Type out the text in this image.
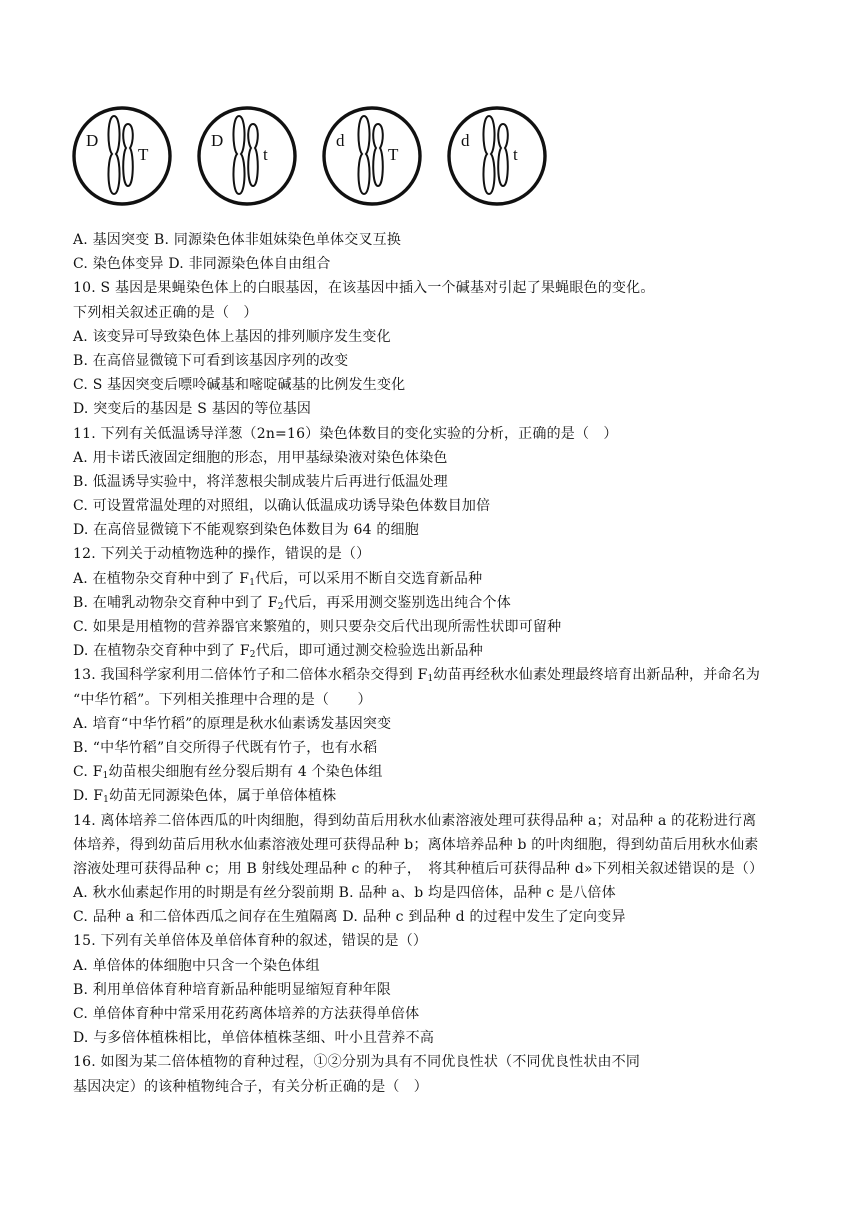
D
T
D
t
d
T
d
t
A. 基因突变 B. 同源染色体非姐妹染色单体交叉互换
C. 染色体变异 D. 非同源染色体自由组合
10. S 基因是果蝇染色体上的白眼基因，在该基因中插入一个碱基对引起了果蝇眼色的变化。
下列相关叙述正确的是（　）
A. 该变异可导致染色体上基因的排列顺序发生变化
B. 在高倍显微镜下可看到该基因序列的改变
C. S 基因突变后嘌呤碱基和嘧啶碱基的比例发生变化
D. 突变后的基因是 S 基因的等位基因
11. 下列有关低温诱导洋葱（2n=16）染色体数目的变化实验的分析，正确的是（　）
A. 用卡诺氏液固定细胞的形态，用甲基绿染液对染色体染色
B. 低温诱导实验中，将洋葱根尖制成装片后再进行低温处理
C. 可设置常温处理的对照组，以确认低温成功诱导染色体数目加倍
D. 在高倍显微镜下不能观察到染色体数目为 64 的细胞
12. 下列关于动植物选种的操作，错误的是（）
A. 在植物杂交育种中到了 $F_1$代后，可以采用不断自交选育新品种
B. 在哺乳动物杂交育种中到了 $F_2$代后，再采用测交鉴别选出纯合个体
C. 如果是用植物的营养器官来繁殖的，则只要杂交后代出现所需性状即可留种
D. 在植物杂交育种中到了 $F_2$代后，即可通过测交检验选出新品种
13. 我国科学家利用二倍体竹子和二倍体水稻杂交得到 $F_1$幼苗再经秋水仙素处理最终培育出新品种，并命名为
“中华竹稻”。下列相关推理中合理的是（　　）
A. 培育“中华竹稻”的原理是秋水仙素诱发基因突变
B. “中华竹稻”自交所得子代既有竹子，也有水稻
C. $F_1$幼苗根尖细胞有丝分裂后期有 4 个染色体组
D. $F_1$幼苗无同源染色体，属于单倍体植株
14. 离体培养二倍体西瓜的叶肉细胞，得到幼苗后用秋水仙素溶液处理可获得品种 a；对品种 a 的花粉进行离
体培养，得到幼苗后用秋水仙素溶液处理可获得品种 b；离体培养品种 b 的叶肉细胞，得到幼苗后用秋水仙素
溶液处理可获得品种 c；用 B 射线处理品种 c 的种子，　将其种植后可获得品种 d»下列相关叙述错误的是（）
A. 秋水仙素起作用的时期是有丝分裂前期 B. 品种 a、b 均是四倍体，品种 c 是八倍体
C. 品种 a 和二倍体西瓜之间存在生殖隔离 D. 品种 c 到品种 d 的过程中发生了定向变异
15. 下列有关单倍体及单倍体育种的叙述，错误的是（）
A. 单倍体的体细胞中只含一个染色体组
B. 利用单倍体育种培育新品种能明显缩短育种年限
C. 单倍体育种中常采用花药离体培养的方法获得单倍体
D. 与多倍体植株相比，单倍体植株茎细、叶小且营养不高
16. 如图为某二倍体植物的育种过程，①②分别为具有不同优良性状（不同优良性状由不同
基因决定）的该种植物纯合子，有关分析正确的是（　）
